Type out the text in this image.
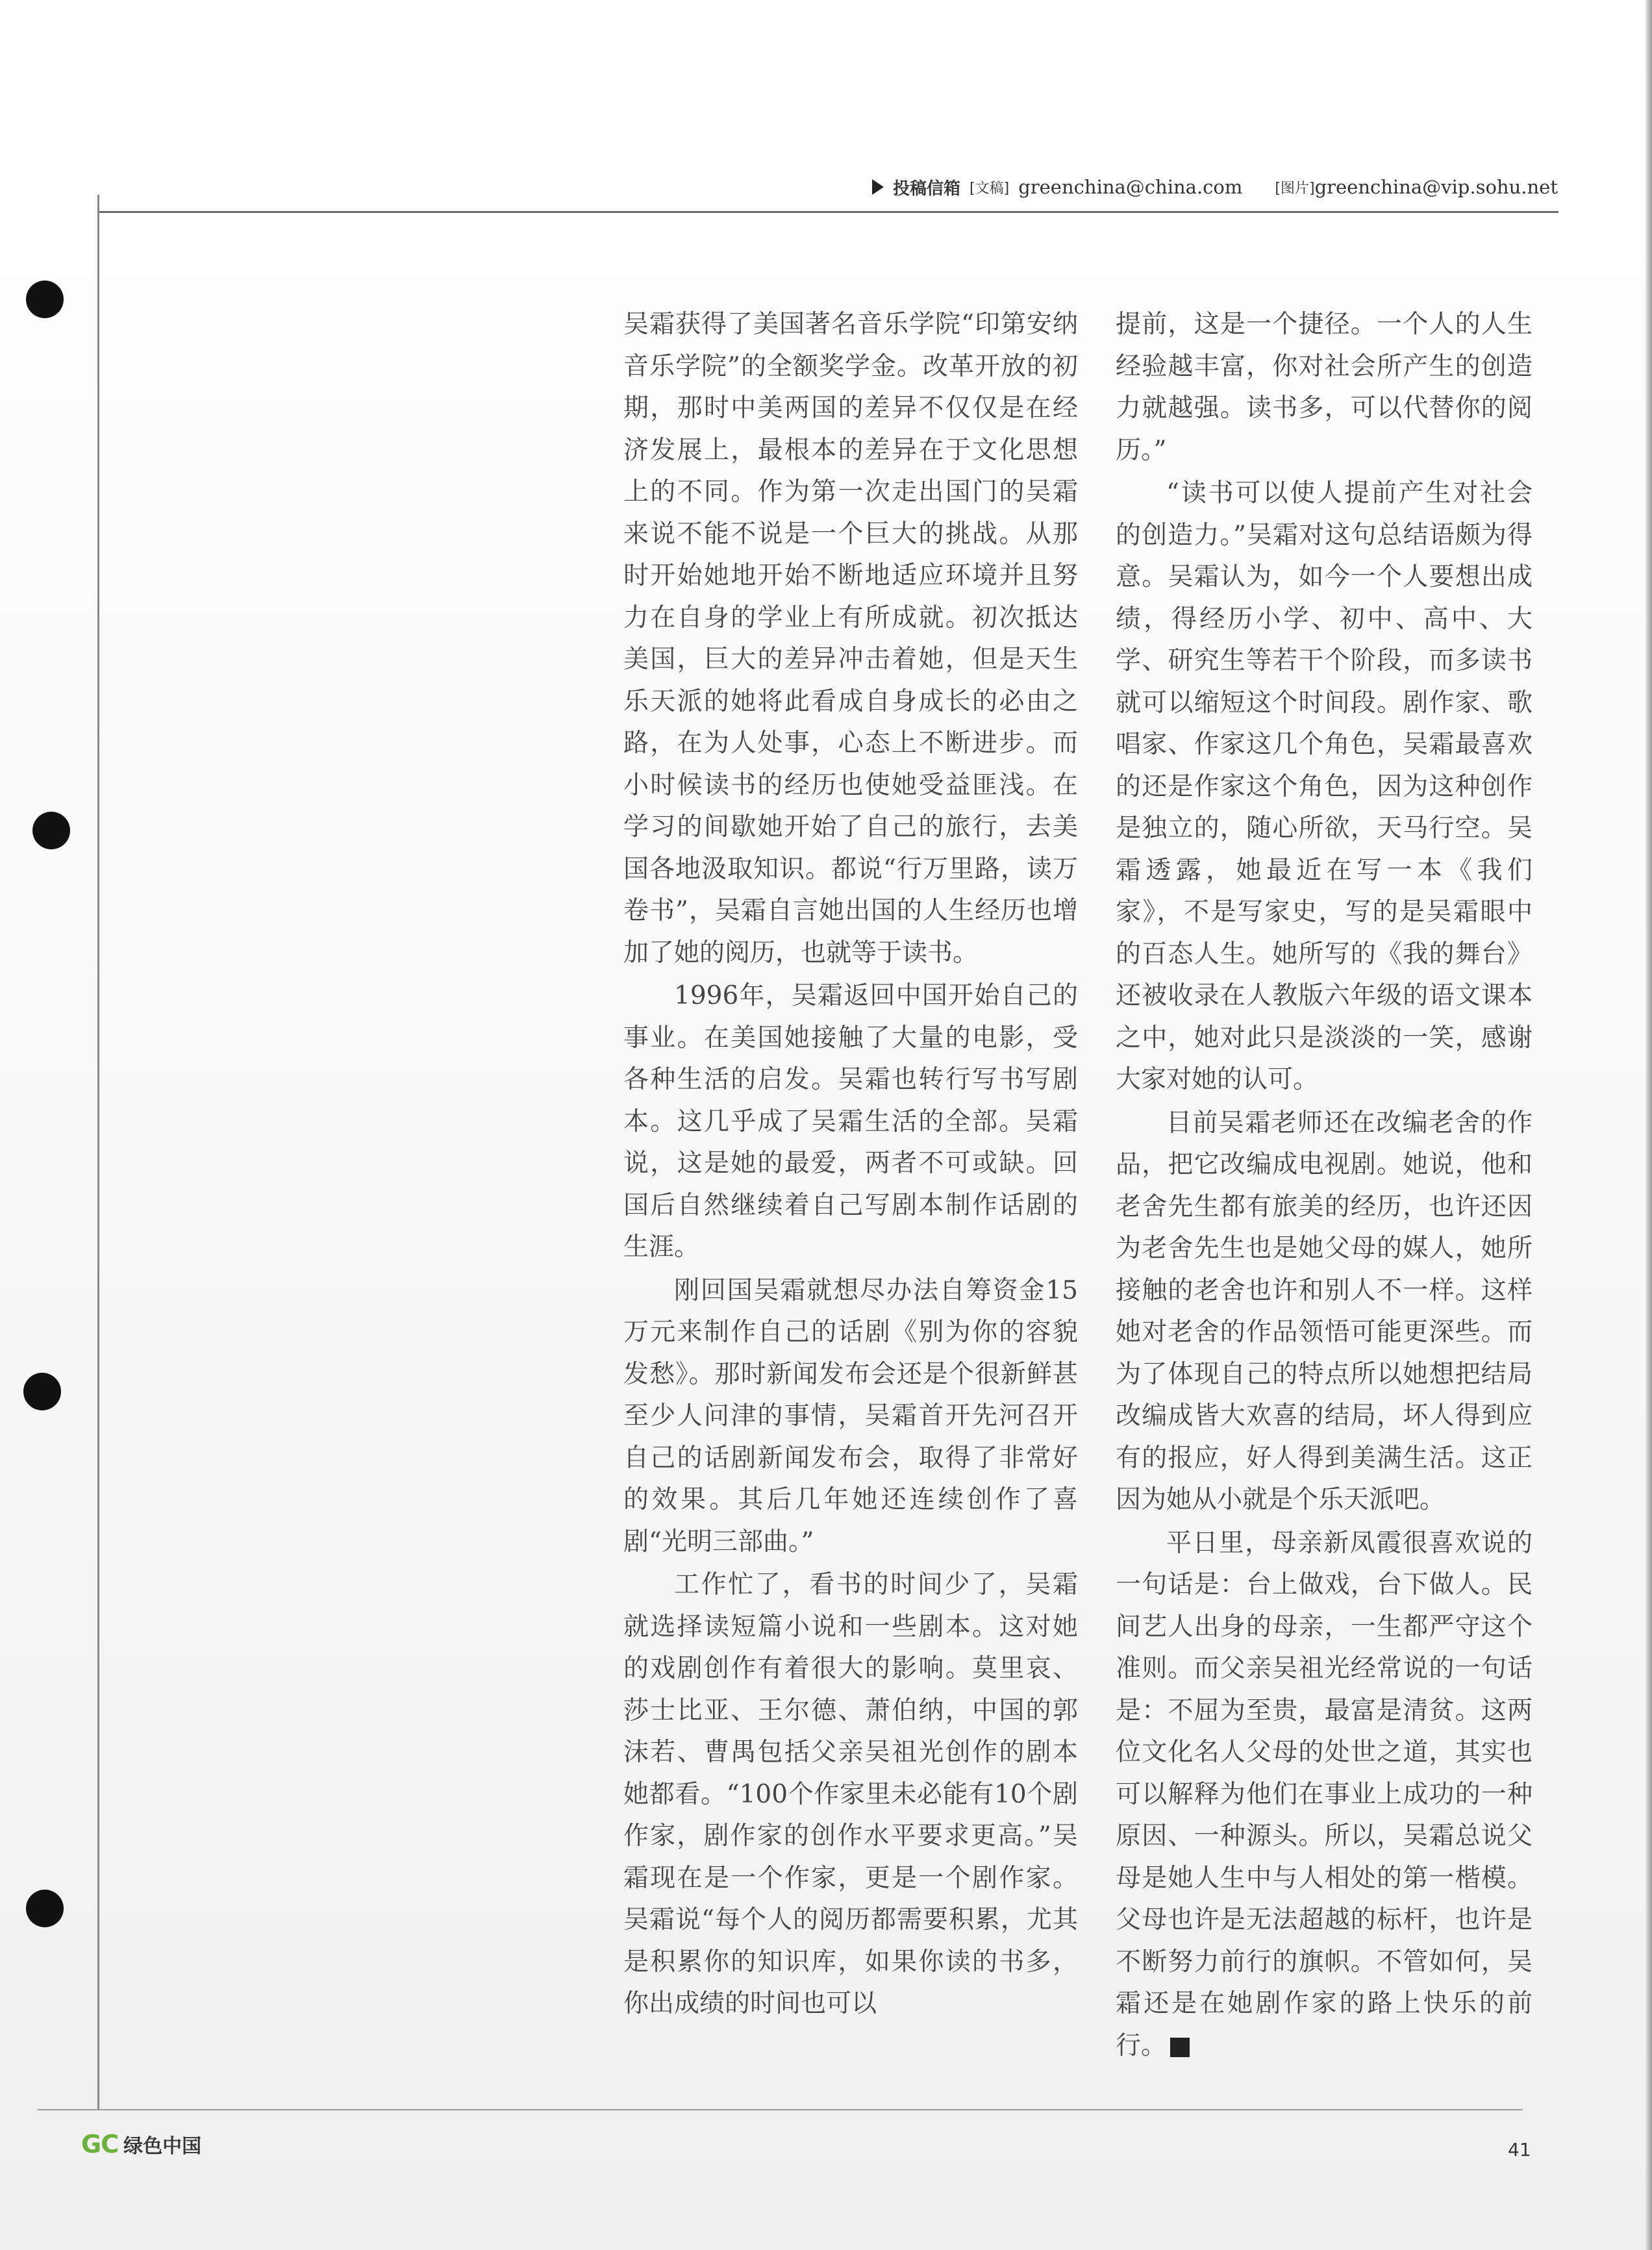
投稿信箱 [文稿] greenchina@china.com [图片] greenchina@vip.sohu.net

吴霜获得了美国著名音乐学院“印第安纳音乐学院”的全额奖学金。改革开放的初期，那时中美两国的差异不仅仅是在经济发展上，最根本的差异在于文化思想上的不同。作为第一次走出国门的吴霜来说不能不说是一个巨大的挑战。从那时开始她地开始不断地适应环境并且努力在自身的学业上有所成就。初次抵达美国，巨大的差异冲击着她，但是天生乐天派的她将此看成自身成长的必由之路，在为人处事，心态上不断进步。而小时候读书的经历也使她受益匪浅。在学习的间歇她开始了自己的旅行，去美国各地汲取知识。都说“行万里路，读万卷书”，吴霜自言她出国的人生经历也增加了她的阅历，也就等于读书。

1996年，吴霜返回中国开始自己的事业。在美国她接触了大量的电影，受各种生活的启发。吴霜也转行写书写剧本。这几乎成了吴霜生活的全部。吴霜说，这是她的最爱，两者不可或缺。回国后自然继续着自己写剧本制作话剧的生涯。

刚回国吴霜就想尽办法自筹资金15万元来制作自己的话剧《别为你的容貌发愁》。那时新闻发布会还是个很新鲜甚至少人问津的事情，吴霜首开先河召开自己的话剧新闻发布会，取得了非常好的效果。其后几年她还连续创作了喜剧“光明三部曲。”

工作忙了，看书的时间少了，吴霜就选择读短篇小说和一些剧本。这对她的戏剧创作有着很大的影响。莫里哀、莎士比亚、王尔德、萧伯纳，中国的郭沫若、曹禺包括父亲吴祖光创作的剧本她都看。“100个作家里未必能有10个剧作家，剧作家的创作水平要求更高。”吴霜现在是一个作家，更是一个剧作家。吴霜说“每个人的阅历都需要积累，尤其是积累你的知识库，如果你读的书多，你出成绩的时间也可以

提前，这是一个捷径。一个人的人生经验越丰富，你对社会所产生的创造力就越强。读书多，可以代替你的阅历。”

“读书可以使人提前产生对社会的创造力。”吴霜对这句总结语颇为得意。吴霜认为，如今一个人要想出成绩，得经历小学、初中、高中、大学、研究生等若干个阶段，而多读书就可以缩短这个时间段。剧作家、歌唱家、作家这几个角色，吴霜最喜欢的还是作家这个角色，因为这种创作是独立的，随心所欲，天马行空。吴霜透露，她最近在写一本《我们家》，不是写家史，写的是吴霜眼中的百态人生。她所写的《我的舞台》还被收录在人教版六年级的语文课本之中，她对此只是淡淡的一笑，感谢大家对她的认可。

目前吴霜老师还在改编老舍的作品，把它改编成电视剧。她说，他和老舍先生都有旅美的经历，也许还因为老舍先生也是她父母的媒人，她所接触的老舍也许和别人不一样。这样她对老舍的作品领悟可能更深些。而为了体现自己的特点所以她想把结局改编成皆大欢喜的结局，坏人得到应有的报应，好人得到美满生活。这正因为她从小就是个乐天派吧。

平日里，母亲新凤霞很喜欢说的一句话是：台上做戏，台下做人。民间艺人出身的母亲，一生都严守这个准则。而父亲吴祖光经常说的一句话是：不屈为至贵，最富是清贫。这两位文化名人父母的处世之道，其实也可以解释为他们在事业上成功的一种原因、一种源头。所以，吴霜总说父母是她人生中与人相处的第一楷模。父母也许是无法超越的标杆，也许是不断努力前行的旗帜。不管如何，吴霜还是在她剧作家的路上快乐的前行。

GC 绿色中国	41
